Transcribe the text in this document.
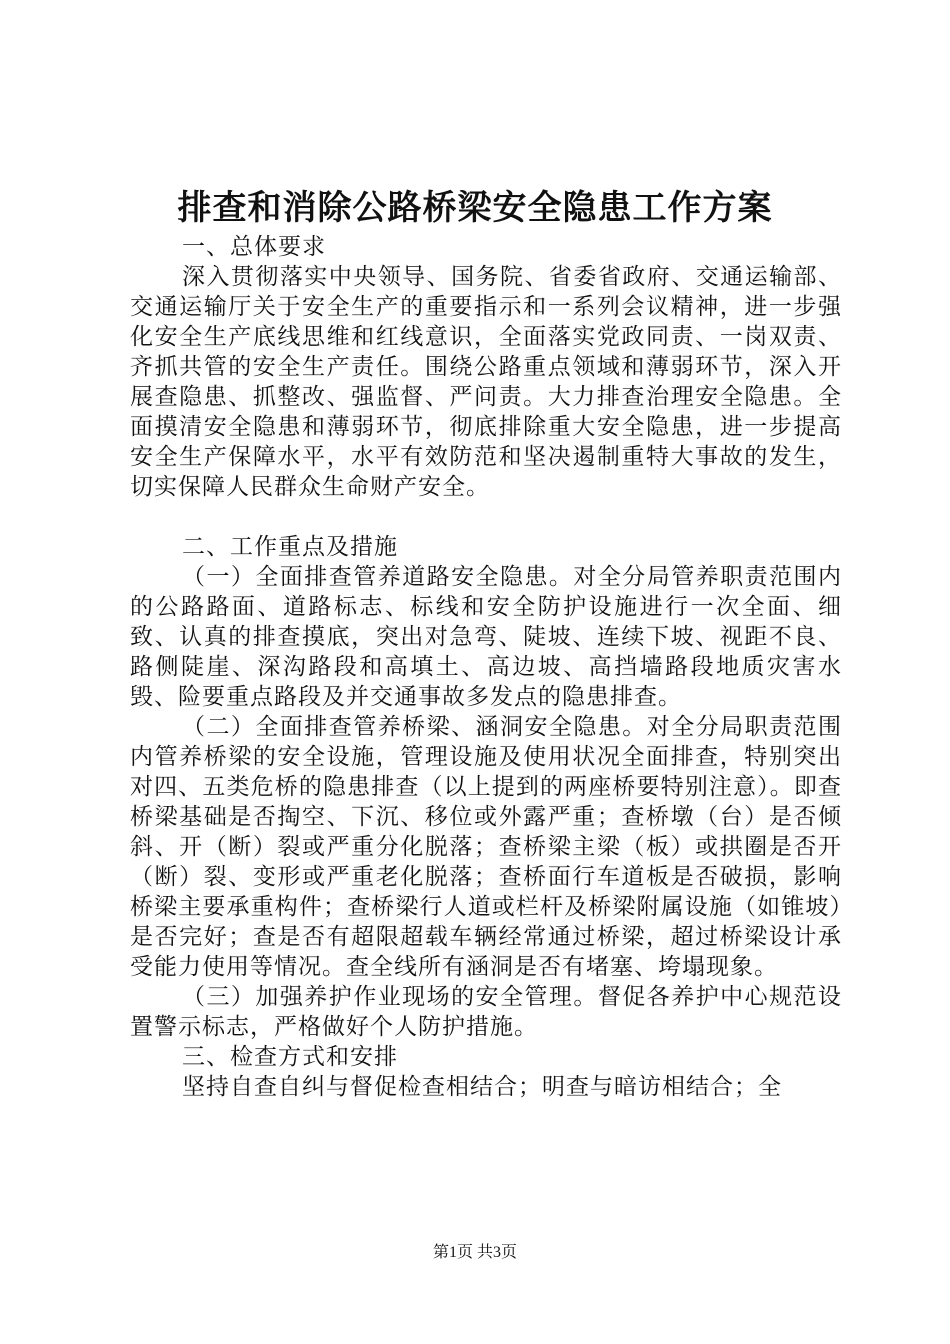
排查和消除公路桥梁安全隐患工作方案

一、总体要求

深入贯彻落实中央领导、国务院、省委省政府、交通运输部、交通运输厅关于安全生产的重要指示和一系列会议精神，进一步强化安全生产底线思维和红线意识，全面落实党政同责、一岗双责、齐抓共管的安全生产责任。围绕公路重点领域和薄弱环节，深入开展查隐患、抓整改、强监督、严问责。大力排查治理安全隐患。全面摸清安全隐患和薄弱环节，彻底排除重大安全隐患，进一步提高安全生产保障水平，水平有效防范和坚决遏制重特大事故的发生，切实保障人民群众生命财产安全。

二、工作重点及措施

（一）全面排查管养道路安全隐患。对全分局管养职责范围内的公路路面、道路标志、标线和安全防护设施进行一次全面、细致、认真的排查摸底，突出对急弯、陡坡、连续下坡、视距不良、路侧陡崖、深沟路段和高填土、高边坡、高挡墙路段地质灾害水毁、险要重点路段及并交通事故多发点的隐患排查。

（二）全面排查管养桥梁、涵洞安全隐患。对全分局职责范围内管养桥梁的安全设施，管理设施及使用状况全面排查，特别突出对四、五类危桥的隐患排查（以上提到的两座桥要特别注意）。即查桥梁基础是否掏空、下沉、移位或外露严重；查桥墩（台）是否倾斜、开（断）裂或严重分化脱落；查桥梁主梁（板）或拱圈是否开（断）裂、变形或严重老化脱落；查桥面行车道板是否破损，影响桥梁主要承重构件；查桥梁行人道或栏杆及桥梁附属设施（如锥坡）是否完好；查是否有超限超载车辆经常通过桥梁，超过桥梁设计承受能力使用等情况。查全线所有涵洞是否有堵塞、垮塌现象。

（三）加强养护作业现场的安全管理。督促各养护中心规范设置警示标志，严格做好个人防护措施。

三、检查方式和安排

坚持自查自纠与督促检查相结合；明查与暗访相结合；全

第1页 共3页
